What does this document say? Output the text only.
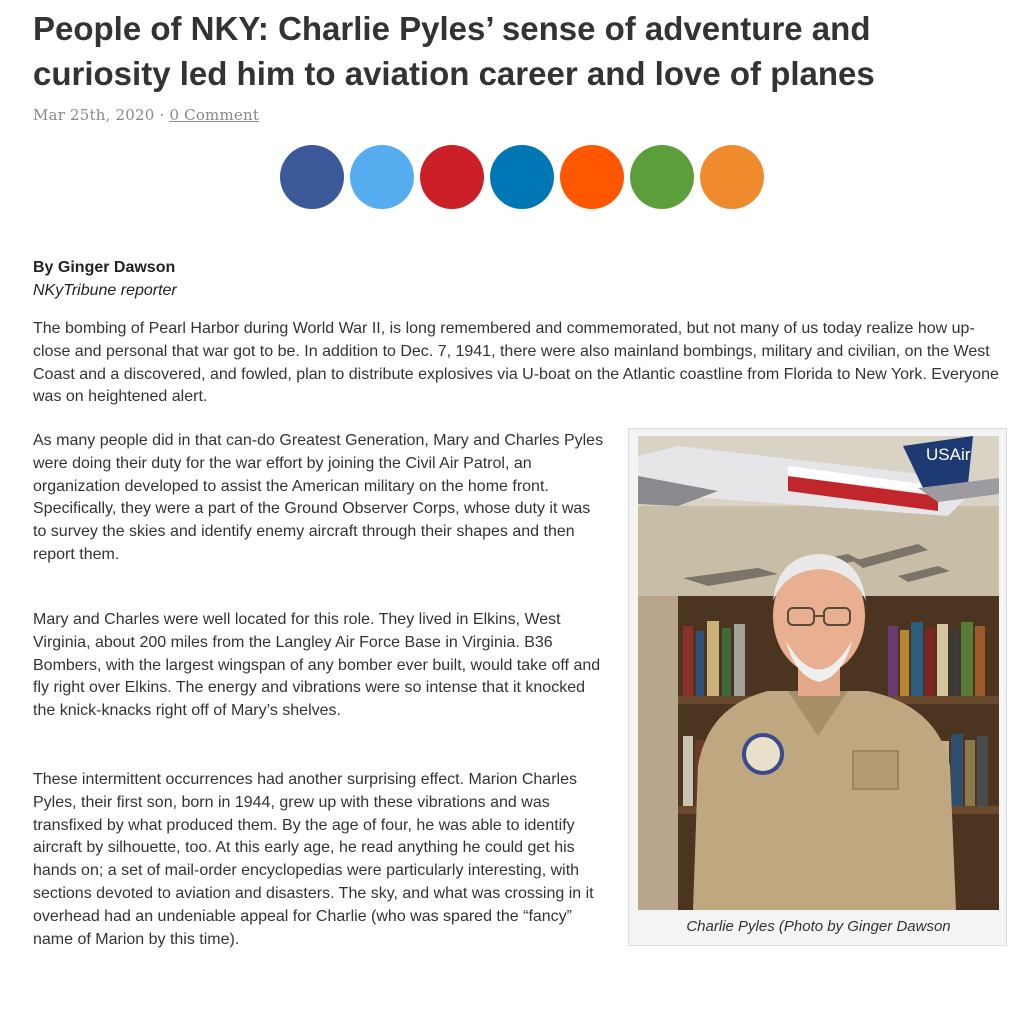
People of NKY: Charlie Pyles’ sense of adventure and curiosity led him to aviation career and love of planes
Mar 25th, 2020 · 0 Comment
By Ginger Dawson
NKyTribune reporter

The bombing of Pearl Harbor during World War II, is long remembered and commemorated, but not many of us today realize how up-close and personal that war got to be. In addition to Dec. 7, 1941, there were also mainland bombings, military and civilian, on the West Coast and a discovered, and fowled, plan to distribute explosives via U-boat on the Atlantic coastline from Florida to New York. Everyone was on heightened alert.

As many people did in that can-do Greatest Generation, Mary and Charles Pyles were doing their duty for the war effort by joining the Civil Air Patrol, an organization developed to assist the American military on the home front. Specifically, they were a part of the Ground Observer Corps, whose duty it was to survey the skies and identify enemy aircraft through their shapes and then report them.

Mary and Charles were well located for this role. They lived in Elkins, West Virginia, about 200 miles from the Langley Air Force Base in Virginia. B36 Bombers, with the largest wingspan of any bomber ever built, would take off and fly right over Elkins. The energy and vibrations were so intense that it knocked the knick-knacks right off of Mary’s shelves.

These intermittent occurrences had another surprising effect. Marion Charles Pyles, their first son, born in 1944, grew up with these vibrations and was transfixed by what produced them. By the age of four, he was able to identify aircraft by silhouette, too. At this early age, he read anything he could get his hands on; a set of mail-order encyclopedias were particularly interesting, with sections devoted to aviation and disasters. The sky, and what was crossing in it overhead had an undeniable appeal for Charlie (who was spared the “fancy” name of Marion by this time).

USAir
Charlie Pyles (Photo by Ginger Dawson
